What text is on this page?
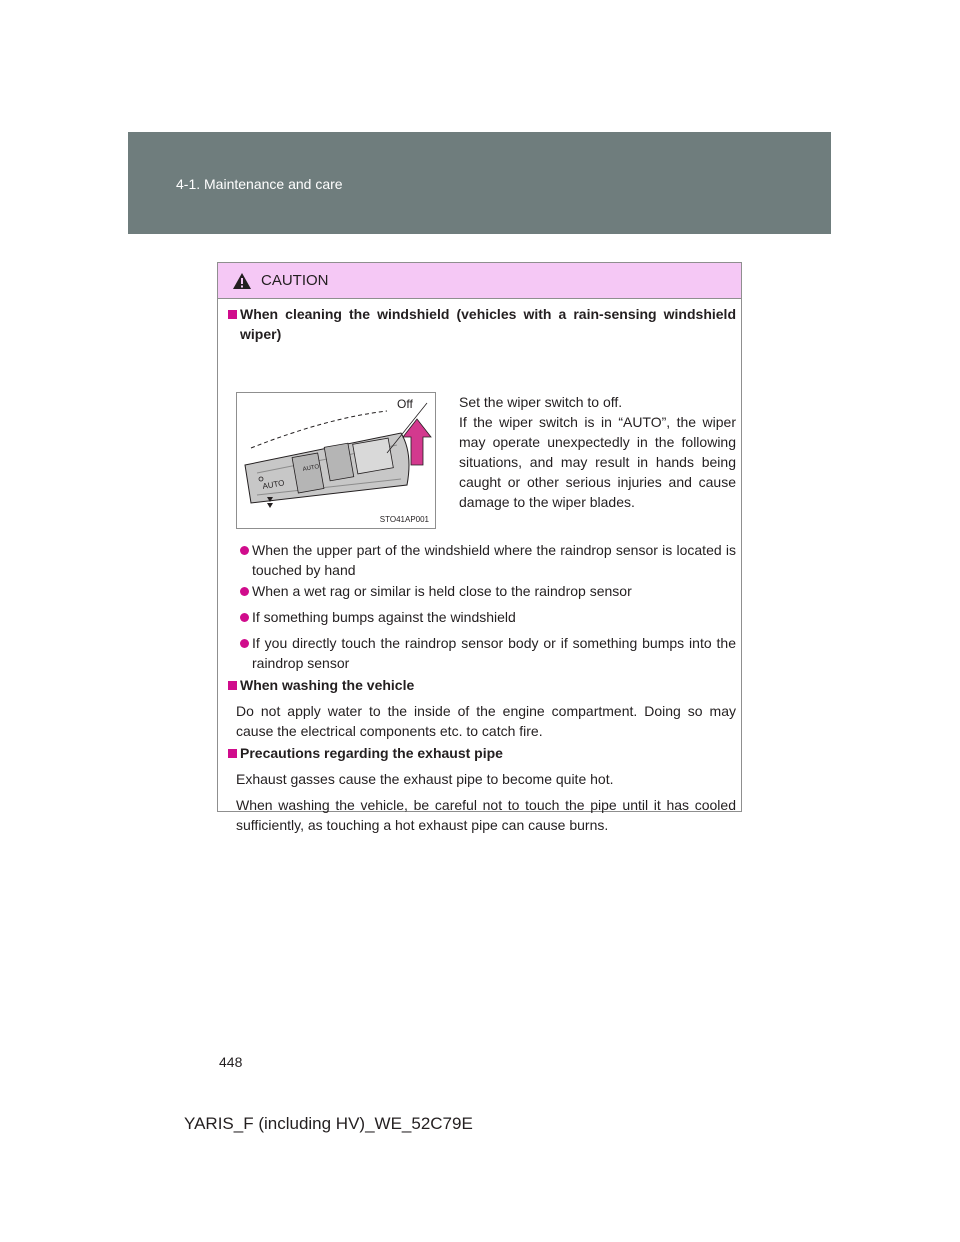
4-1. Maintenance and care
CAUTION
When cleaning the windshield (vehicles with a rain-sensing windshield wiper)
AUTO
AUTO
Off
STO41AP001
Set the wiper switch to off.
If the wiper switch is in “AUTO”, the wiper may operate unexpectedly in the following situations, and may result in hands being caught or other serious injuries and cause damage to the wiper blades.
When the upper part of the windshield where the raindrop sensor is located is touched by hand
When a wet rag or similar is held close to the raindrop sensor
If something bumps against the windshield
If you directly touch the raindrop sensor body or if something bumps into the raindrop sensor
When washing the vehicle
Do not apply water to the inside of the engine compartment. Doing so may cause the electrical components etc. to catch fire.
Precautions regarding the exhaust pipe
Exhaust gasses cause the exhaust pipe to become quite hot.
When washing the vehicle, be careful not to touch the pipe until it has cooled sufficiently, as touching a hot exhaust pipe can cause burns.
448
YARIS_F (including HV)_WE_52C79E
